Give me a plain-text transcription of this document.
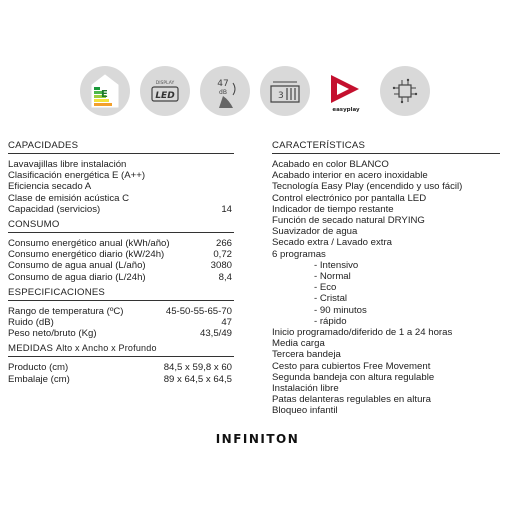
E
DISPLAY
LED
47
dB	3
easyplay
CAPACIDADES
Lavavajillas libre instalación
Clasificación energética E (A++)
Eficiencia secado A
Clase de emisión acústica C
Capacidad (servicios)	14
CONSUMO
Consumo energético anual (kWh/año)	266
Consumo energético diario (kW/24h)	0,72
Consumo de agua anual (L/año)	3080
Consumo de agua diario (L/24h)	8,4
ESPECIFICACIONES
Rango de temperatura (ºC)	45-50-55-65-70
Ruido (dB)	47
Peso neto/bruto (Kg)	43,5/49
MEDIDAS Alto x Ancho x Profundo
Producto (cm)	84,5 x 59,8 x 60
Embalaje (cm)	89 x 64,5 x 64,5
CARACTERÍSTICAS
Acabado en color BLANCO
Acabado interior en acero inoxidable
Tecnología Easy Play (encendido y uso fácil)
Control electrónico por pantalla LED
Indicador de tiempo restante
Función de secado natural DRYING
Suavizador de agua
Secado extra / Lavado extra
6 programas
- Intensivo
- Normal
- Eco
- Cristal
- 90 minutos
- rápido
Inicio programado/diferido de 1 a 24 horas
Media carga
Tercera bandeja
Cesto para cubiertos Free Movement
Segunda bandeja con altura regulable
Instalación libre
Patas delanteras regulables en altura
Bloqueo infantil
INFINITON
